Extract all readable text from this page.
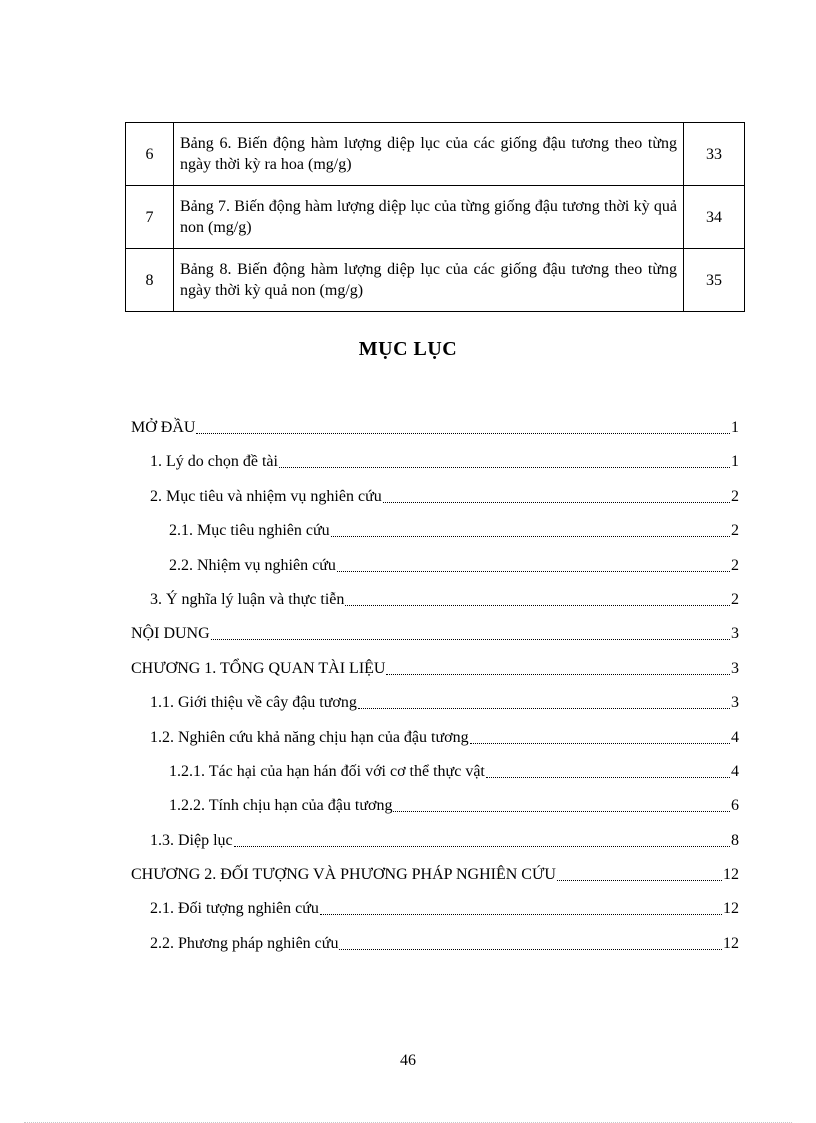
6	Bảng 6. Biến động hàm lượng diệp lục của các giống đậu tương theo từng ngày thời kỳ ra hoa (mg/g)	33
7	Bảng 7. Biến động hàm lượng diệp lục của từng giống đậu tương thời kỳ quả non (mg/g)	34
8	Bảng 8. Biến động hàm lượng diệp lục của các giống đậu tương theo từng ngày thời kỳ quả non (mg/g)	35
MỤC LỤC
MỞ ĐẦU	1
1. Lý do chọn đề tài	1
2. Mục tiêu và nhiệm vụ nghiên cứu	2
2.1. Mục tiêu nghiên cứu	2
2.2. Nhiệm vụ nghiên cứu	2
3. Ý nghĩa lý luận và thực tiễn	2
NỘI DUNG	3
CHƯƠNG 1. TỔNG QUAN TÀI LIỆU	3
1.1. Giới thiệu về cây đậu tương	3
1.2. Nghiên cứu khả năng chịu hạn của đậu tương	4
1.2.1. Tác hại của hạn hán đối với cơ thể thực vật	4
1.2.2. Tính chịu hạn của đậu tương	6
1.3. Diệp lục	8
CHƯƠNG 2. ĐỐI TƯỢNG VÀ PHƯƠNG PHÁP NGHIÊN CỨU	12
2.1. Đối tượng nghiên cứu	12
2.2. Phương pháp nghiên cứu	12
46
